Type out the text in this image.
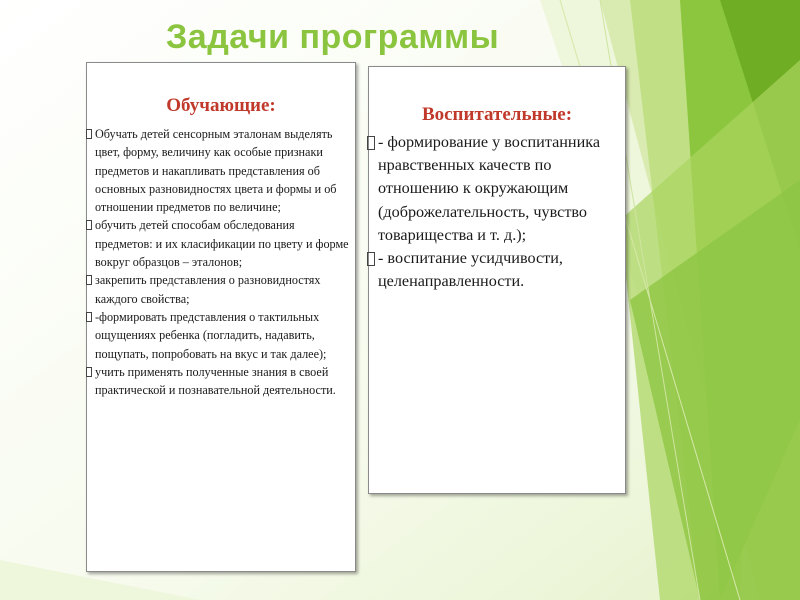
Задачи программы
Обучающие:
Обучать детей сенсорным эталонам выделять цвет, форму, величину как особые признаки предметов и накапливать представления об основных разновидностях цвета и формы и об отношении предметов по величине;
обучить детей способам обследования предметов: и их класификации по цвету и форме вокруг образцов – эталонов;
закрепить представления о разновидностях каждого свойства;
-формировать представления о тактильных ощущениях ребенка (погладить, надавить, пощупать, попробовать на вкус и так далее);
учить применять полученные знания в своей практической и познавательной деятельности.
Воспитательные:
- формирование у воспитанника нравственных качеств по отношению к окружающим (доброжелательность, чувство товарищества и т. д.);
- воспитание усидчивости, целенаправленности.
